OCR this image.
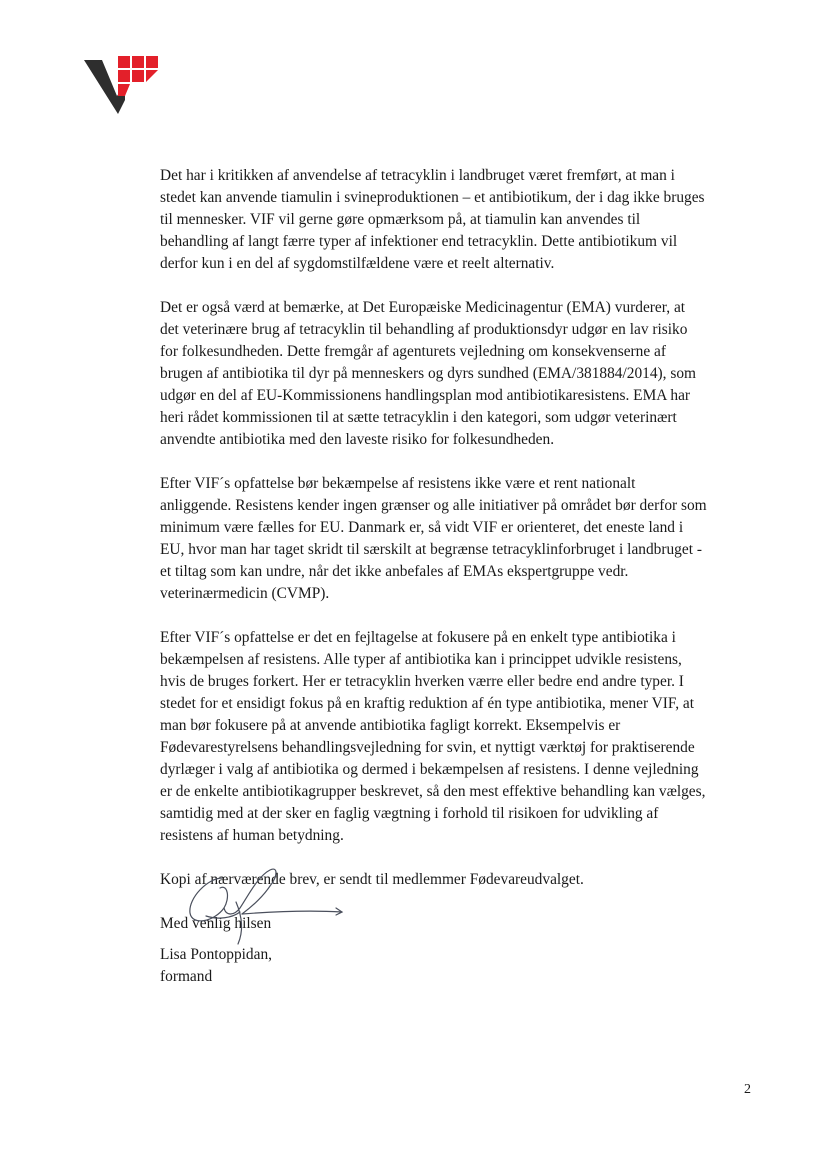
Det har i kritikken af anvendelse af tetracyklin i landbruget været fremført, at man i
stedet kan anvende tiamulin i svineproduktionen – et antibiotikum, der i dag ikke bruges
til mennesker. VIF vil gerne gøre opmærksom på, at tiamulin kan anvendes til
behandling af langt færre typer af infektioner end tetracyklin. Dette antibiotikum vil
derfor kun i en del af sygdomstilfældene være et reelt alternativ.

Det er også værd at bemærke, at Det Europæiske Medicinagentur (EMA) vurderer, at
det veterinære brug af tetracyklin til behandling af produktionsdyr udgør en lav risiko
for folkesundheden. Dette fremgår af agenturets vejledning om konsekvenserne af
brugen af antibiotika til dyr på menneskers og dyrs sundhed (EMA/381884/2014), som
udgør en del af EU-Kommissionens handlingsplan mod antibiotikaresistens. EMA har
heri rådet kommissionen til at sætte tetracyklin i den kategori, som udgør veterinært
anvendte antibiotika med den laveste risiko for folkesundheden.

Efter VIF´s opfattelse bør bekæmpelse af resistens ikke være et rent nationalt
anliggende. Resistens kender ingen grænser og alle initiativer på området bør derfor som
minimum være fælles for EU. Danmark er, så vidt VIF er orienteret, det eneste land i
EU, hvor man har taget skridt til særskilt at begrænse tetracyklinforbruget i landbruget -
et tiltag som kan undre, når det ikke anbefales af EMAs ekspertgruppe vedr.
veterinærmedicin (CVMP).

Efter VIF´s opfattelse er det en fejltagelse at fokusere på en enkelt type antibiotika i
bekæmpelsen af resistens. Alle typer af antibiotika kan i princippet udvikle resistens,
hvis de bruges forkert. Her er tetracyklin hverken værre eller bedre end andre typer. I
stedet for et ensidigt fokus på en kraftig reduktion af én type antibiotika, mener VIF, at
man bør fokusere på at anvende antibiotika fagligt korrekt. Eksempelvis er
Fødevarestyrelsens behandlingsvejledning for svin, et nyttigt værktøj for praktiserende
dyrlæger i valg af antibiotika og dermed i bekæmpelsen af resistens. I denne vejledning
er de enkelte antibiotikagrupper beskrevet, så den mest effektive behandling kan vælges,
samtidig med at der sker en faglig vægtning i forhold til risikoen for udvikling af
resistens af human betydning.

Kopi af nærværende brev, er sendt til medlemmer Fødevareudvalget.

Med venlig hilsen

Lisa Pontoppidan,
formand
2
